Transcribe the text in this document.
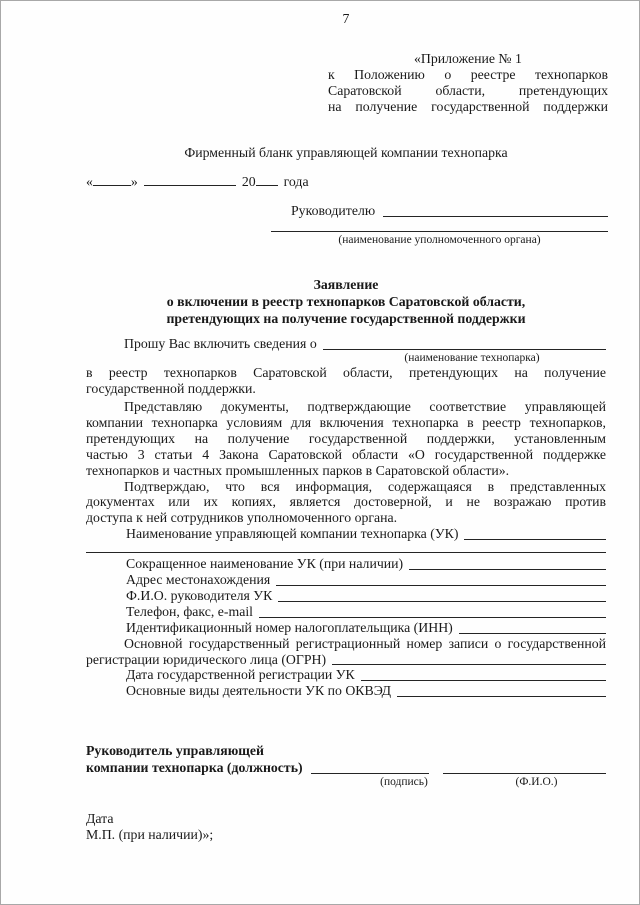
7
«Приложение № 1
к Положению о реестре технопарков
Саратовской области, претендующих
на получение государственной поддержки
Фирменный бланк управляющей компании технопарка
«	»	20 года
Руководителю
(наименование уполномоченного органа)
Заявление
о включении в реестр технопарков Саратовской области,
претендующих на получение государственной поддержки
Прошу Вас включить сведения о
(наименование технопарка)
в реестр технопарков Саратовской области, претендующих на получение
государственной поддержки.
Представляю документы, подтверждающие соответствие управляющей
компании технопарка условиям для включения технопарка в реестр технопарков,
претендующих на получение государственной поддержки, установленным
частью 3 статьи 4 Закона Саратовской области «О государственной поддержке
технопарков и частных промышленных парков в Саратовской области».
Подтверждаю, что вся информация, содержащаяся в представленных
документах или их копиях, является достоверной, и не возражаю против
доступа к ней сотрудников уполномоченного органа.
Наименование управляющей компании технопарка (УК)
Сокращенное наименование УК (при наличии)
Адрес местонахождения
Ф.И.О. руководителя УК
Телефон, факс, e-mail
Идентификационный номер налогоплательщика (ИНН)
Основной государственный регистрационный номер записи о государственной
регистрации юридического лица (ОГРН)
Дата государственной регистрации УК
Основные виды деятельности УК по ОКВЭД
Руководитель управляющей
компании технопарка (должность)
(подпись)	(Ф.И.О.)
Дата
М.П. (при наличии)»;
